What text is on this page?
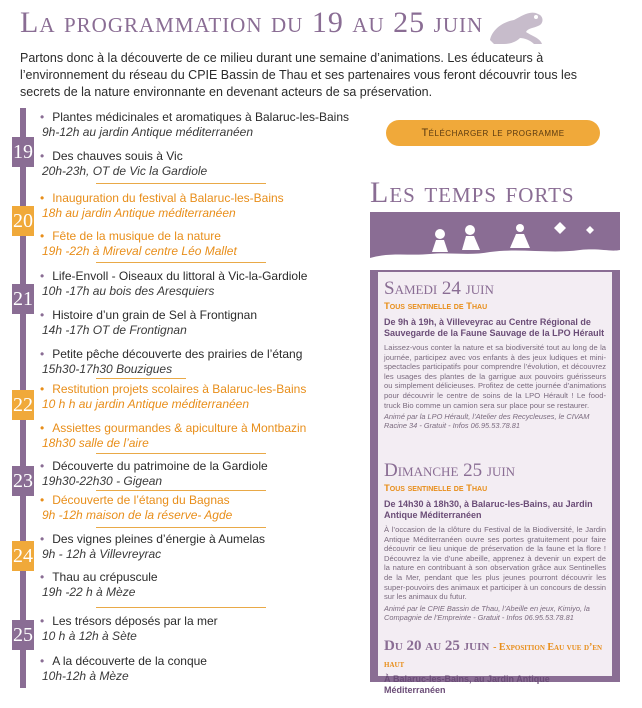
La programmation du 19 au 25 juin

Partons donc à la découverte de ce milieu durant une semaine d’animations. Les éducateurs à l’environnement du réseau du CPIE Bassin de Thau et ses partenaires vous feront découvrir tous les secrets de la nature environnante en devenant acteurs de sa préservation.

19
20
21
22
23
24
25
• Plantes médicinales et aromatiques à Balaruc-les-Bains
9h-12h au jardin Antique méditerranéen
• Des chauves souis à Vic
20h-23h, OT de Vic la Gardiole
• Inauguration du festival à Balaruc-les-Bains
18h au jardin Antique méditerranéen
• Fête de la musique de la nature
19h -22h à Mireval centre Léo Mallet
• Life-Envoll - Oiseaux du littoral à Vic-la-Gardiole
10h -17h au bois des Aresquiers
• Histoire d’un grain de Sel à Frontignan
14h -17h OT de Frontignan
• Petite pêche découverte des prairies de l’étang
15h30-17h30 Bouzigues
• Restitution projets scolaires à Balaruc-les-Bains
10 h h au jardin Antique méditerranéen
• Assiettes gourmandes & apiculture à Montbazin
18h30 salle de l’aire
• Découverte du patrimoine de la Gardiole
19h30-22h30 - Gigean
• Découverte de l’étang du Bagnas
9h -12h maison de la réserve- Agde
• Des vignes pleines d’énergie à Aumelas
9h - 12h à Villevreyrac
• Thau au crépuscule
19h -22 h à Mèze
• Les trésors déposés par la mer
10 h à 12h à Sète
• A la découverte de la conque
10h-12h à Mèze
Télécharger le programme
Les temps forts
Samedi 24 juin
Tous sentinelle de Thau
De 9h à 19h, à Villeveyrac au Centre Régional de Sauvegarde de la Faune Sauvage de la LPO Hérault
Laissez-vous conter la nature et sa biodiversité tout au long de la journée, participez avec vos enfants à des jeux ludiques et mini-spectacles participatifs pour comprendre l’évolution, et découvrez les usages des plantes de la garrigue aux pouvoirs guérisseurs ou simplement délicieuses. Profitez de cette journée d’animations pour découvrir le centre de soins de la LPO Hérault ! Le food-truck Bio comme un camion sera sur place pour se restaurer.
Animé par la LPO Hérault, l’Atelier des Recycleuses, le CIVAM Racine 34 - Gratuit - Infos 06.95.53.78.81
Dimanche 25 juin
Tous sentinelle de Thau
De 14h30 à 18h30, à Balaruc-les-Bains, au Jardin Antique Méditerranéen
À l’occasion de la clôture du Festival de la Biodiversité, le Jardin Antique Méditerranéen ouvre ses portes gratuitement pour faire découvrir ce lieu unique de préservation de la faune et la flore ! Découvrez la vie d’une abeille, apprenez à devenir un expert de la nature en contribuant à son observation grâce aux Sentinelles de la Mer, pendant que les plus jeunes pourront découvrir les super-pouvoirs des animaux et participer à un concours de dessin sur les animaux du futur.
Animé par le CPIE Bassin de Thau, l’Abeille en jeux, Kimiyo, la Compagnie de l’Empreinte - Gratuit - Infos 06.95.53.78.81
Du 20 au 25 juin - Exposition Eau vue d’en haut
À Balaruc-les-Bains, au Jardin Antique Méditerranéen
